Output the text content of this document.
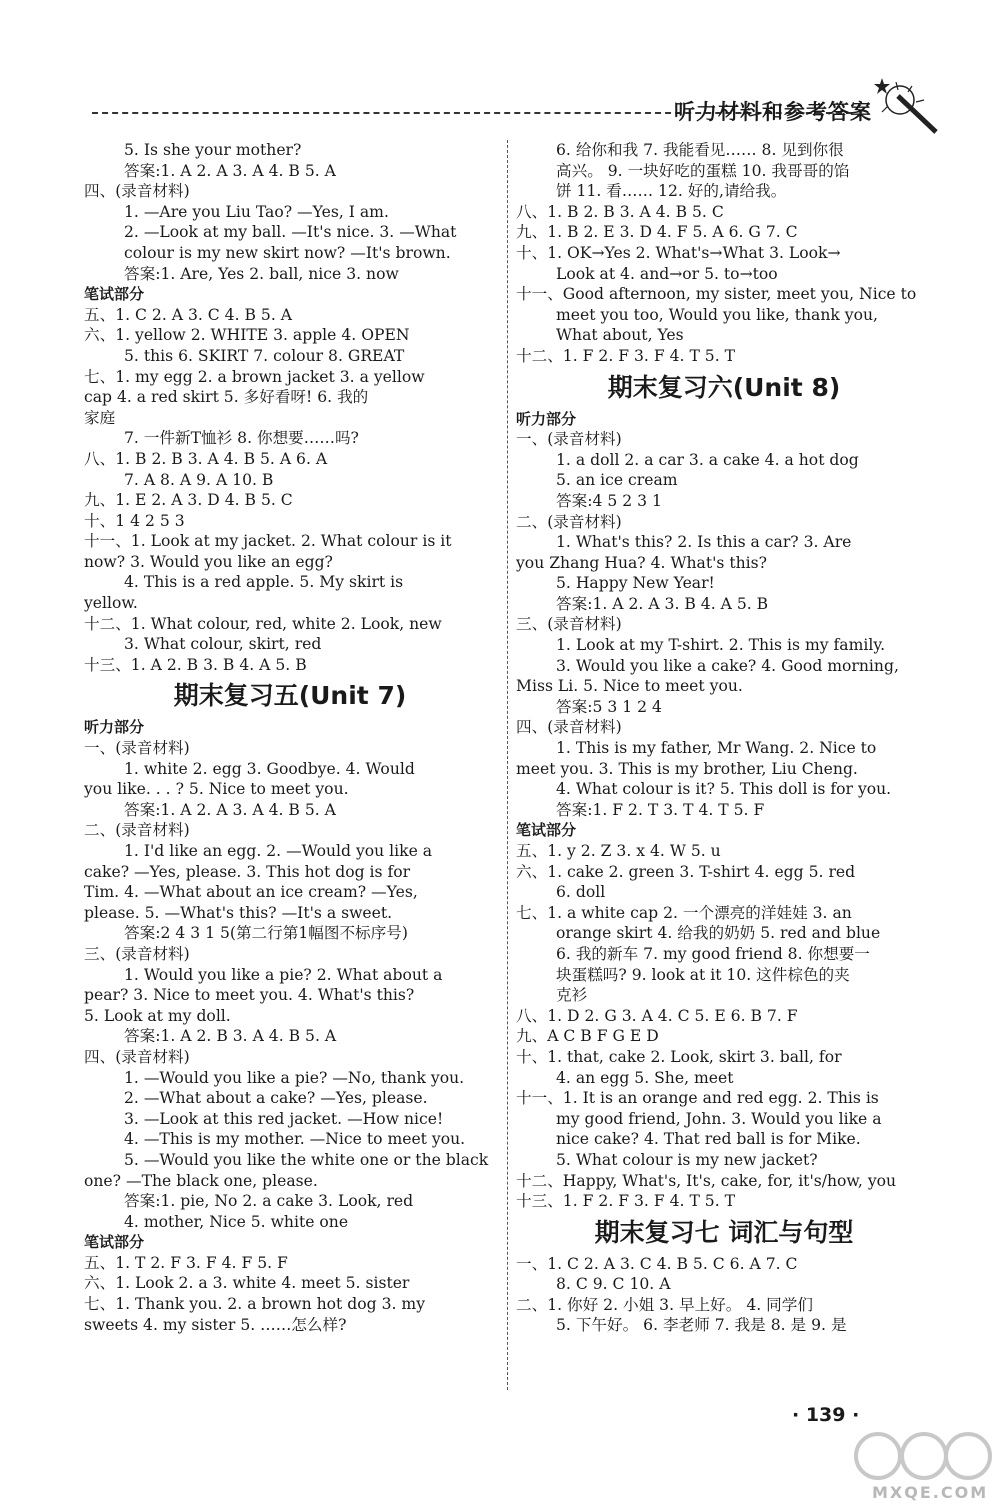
听力材料和参考答案
5. Is she your mother?
答案:1. A 2. A 3. A 4. B 5. A
四、(录音材料)
1. —Are you Liu Tao? —Yes, I am.
2. —Look at my ball. —It's nice. 3. —What
colour is my new skirt now? —It's brown.
答案:1. Are, Yes 2. ball, nice 3. now
笔试部分
五、1. C 2. A 3. C 4. B 5. A
六、1. yellow 2. WHITE 3. apple 4. OPEN
5. this 6. SKIRT 7. colour 8. GREAT
七、1. my egg 2. a brown jacket 3. a yellow
cap 4. a red skirt 5. 多好看呀! 6. 我的
家庭
7. 一件新T恤衫 8. 你想要……吗?
八、1. B 2. B 3. A 4. B 5. A 6. A
7. A 8. A 9. A 10. B
九、1. E 2. A 3. D 4. B 5. C
十、1 4 2 5 3
十一、1. Look at my jacket. 2. What colour is it
now? 3. Would you like an egg?
4. This is a red apple. 5. My skirt is
yellow.
十二、1. What colour, red, white 2. Look, new
3. What colour, skirt, red
十三、1. A 2. B 3. B 4. A 5. B
期末复习五(Unit 7)
听力部分
一、(录音材料)
1. white 2. egg 3. Goodbye. 4. Would
you like. . . ? 5. Nice to meet you.
答案:1. A 2. A 3. A 4. B 5. A
二、(录音材料)
1. I'd like an egg. 2. —Would you like a
cake? —Yes, please. 3. This hot dog is for
Tim. 4. —What about an ice cream? —Yes,
please. 5. —What's this? —It's a sweet.
答案:2 4 3 1 5(第二行第1幅图不标序号)
三、(录音材料)
1. Would you like a pie? 2. What about a
pear? 3. Nice to meet you. 4. What's this?
5. Look at my doll.
答案:1. A 2. B 3. A 4. B 5. A
四、(录音材料)
1. —Would you like a pie? —No, thank you.
2. —What about a cake? —Yes, please.
3. —Look at this red jacket. —How nice!
4. —This is my mother. —Nice to meet you.
5. —Would you like the white one or the black
one? —The black one, please.
答案:1. pie, No 2. a cake 3. Look, red
4. mother, Nice 5. white one
笔试部分
五、1. T 2. F 3. F 4. F 5. F
六、1. Look 2. a 3. white 4. meet 5. sister
七、1. Thank you. 2. a brown hot dog 3. my
sweets 4. my sister 5. ……怎么样?
6. 给你和我 7. 我能看见…… 8. 见到你很
高兴。 9. 一块好吃的蛋糕 10. 我哥哥的馅
饼 11. 看…… 12. 好的,请给我。
八、1. B 2. B 3. A 4. B 5. C
九、1. B 2. E 3. D 4. F 5. A 6. G 7. C
十、1. OK→Yes 2. What's→What 3. Look→
Look at 4. and→or 5. to→too
十一、Good afternoon, my sister, meet you, Nice to
meet you too, Would you like, thank you,
What about, Yes
十二、1. F 2. F 3. F 4. T 5. T
期末复习六(Unit 8)
听力部分
一、(录音材料)
1. a doll 2. a car 3. a cake 4. a hot dog
5. an ice cream
答案:4 5 2 3 1
二、(录音材料)
1. What's this? 2. Is this a car? 3. Are
you Zhang Hua? 4. What's this?
5. Happy New Year!
答案:1. A 2. A 3. B 4. A 5. B
三、(录音材料)
1. Look at my T-shirt. 2. This is my family.
3. Would you like a cake? 4. Good morning,
Miss Li. 5. Nice to meet you.
答案:5 3 1 2 4
四、(录音材料)
1. This is my father, Mr Wang. 2. Nice to
meet you. 3. This is my brother, Liu Cheng.
4. What colour is it? 5. This doll is for you.
答案:1. F 2. T 3. T 4. T 5. F
笔试部分
五、1. y 2. Z 3. x 4. W 5. u
六、1. cake 2. green 3. T-shirt 4. egg 5. red
6. doll
七、1. a white cap 2. 一个漂亮的洋娃娃 3. an
orange skirt 4. 给我的奶奶 5. red and blue
6. 我的新车 7. my good friend 8. 你想要一
块蛋糕吗? 9. look at it 10. 这件棕色的夹
克衫
八、1. D 2. G 3. A 4. C 5. E 6. B 7. F
九、A C B F G E D
十、1. that, cake 2. Look, skirt 3. ball, for
4. an egg 5. She, meet
十一、1. It is an orange and red egg. 2. This is
my good friend, John. 3. Would you like a
nice cake? 4. That red ball is for Mike.
5. What colour is my new jacket?
十二、Happy, What's, It's, cake, for, it's/how, you
十三、1. F 2. F 3. F 4. T 5. T
期末复习七 词汇与句型
一、1. C 2. A 3. C 4. B 5. C 6. A 7. C
8. C 9. C 10. A
二、1. 你好 2. 小姐 3. 早上好。 4. 同学们
5. 下午好。 6. 李老师 7. 我是 8. 是 9. 是
· 139 ·
MXQE.COM
